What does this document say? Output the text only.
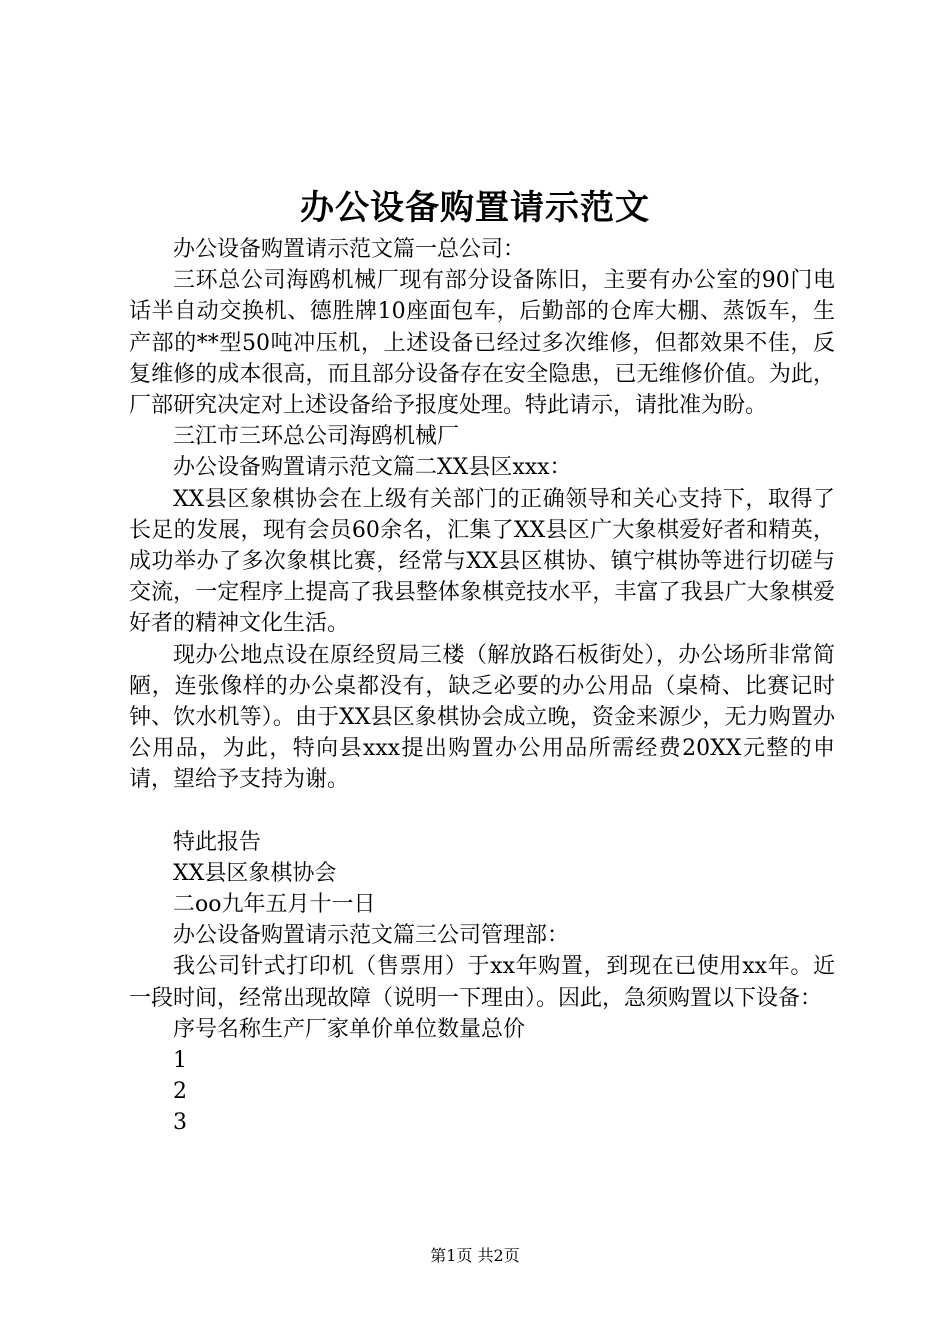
办公设备购置请示范文

办公设备购置请示范文篇一总公司：

三环总公司海鸥机械厂现有部分设备陈旧，主要有办公室的90门电话半自动交换机、德胜牌10座面包车，后勤部的仓库大棚、蒸饭车，生产部的**型50吨冲压机，上述设备已经过多次维修，但都效果不佳，反复维修的成本很高，而且部分设备存在安全隐患，已无维修价值。为此，厂部研究决定对上述设备给予报度处理。特此请示，请批准为盼。

三江市三环总公司海鸥机械厂

办公设备购置请示范文篇二XX县区xxx：

XX县区象棋协会在上级有关部门的正确领导和关心支持下，取得了长足的发展，现有会员60余名，汇集了XX县区广大象棋爱好者和精英，成功举办了多次象棋比赛，经常与XX县区棋协、镇宁棋协等进行切磋与交流，一定程序上提高了我县整体象棋竞技水平，丰富了我县广大象棋爱好者的精神文化生活。

现办公地点设在原经贸局三楼（解放路石板街处），办公场所非常简陋，连张像样的办公桌都没有，缺乏必要的办公用品（桌椅、比赛记时钟、饮水机等）。由于XX县区象棋协会成立晚，资金来源少，无力购置办公用品，为此，特向县xxx提出购置办公用品所需经费20XX元整的申请，望给予支持为谢。

特此报告

XX县区象棋协会

二oo九年五月十一日

办公设备购置请示范文篇三公司管理部：

我公司针式打印机（售票用）于xx年购置，到现在已使用xx年。近一段时间，经常出现故障（说明一下理由）。因此，急须购置以下设备：

序号名称生产厂家单价单位数量总价

1

2

3

第1页 共2页
